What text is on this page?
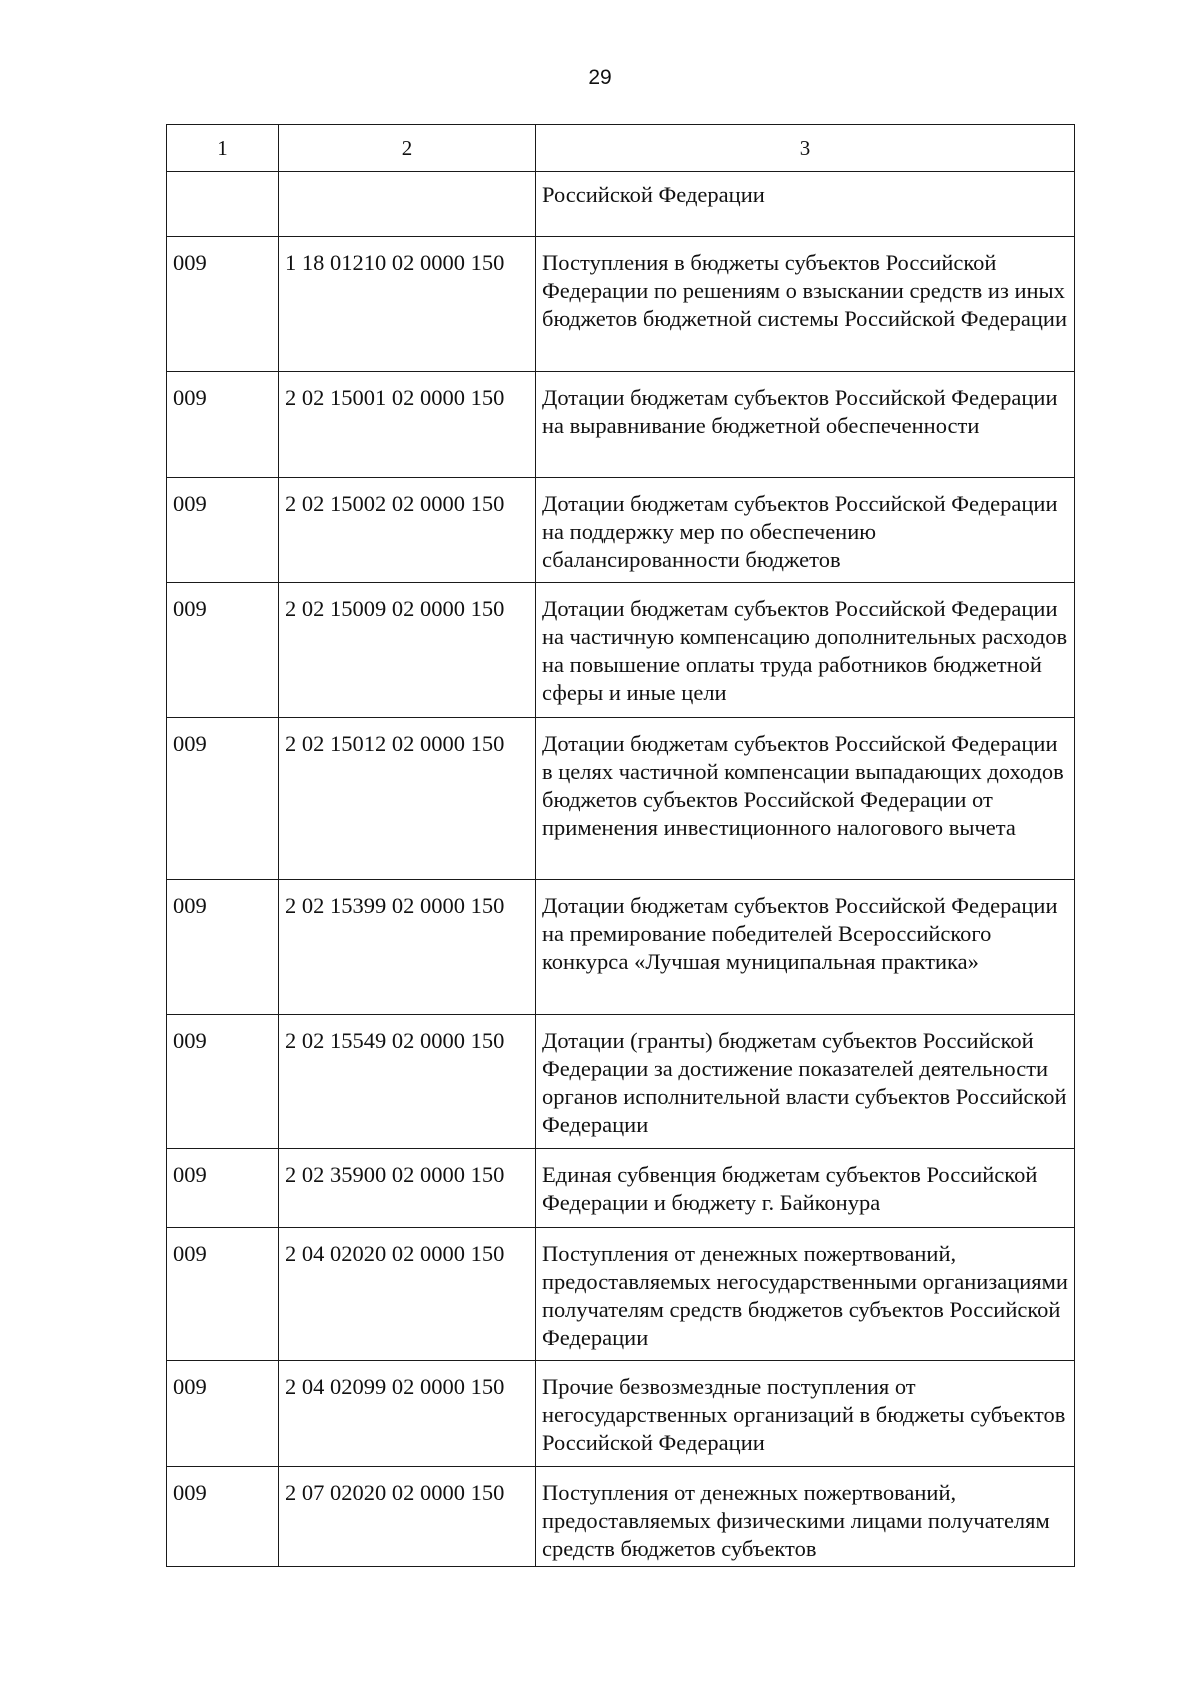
29
1	2	3
		Российской Федерации
009	1 18 01210 02 0000 150	Поступления в бюджеты субъектов Российской Федерации по решениям о взыскании средств из иных бюджетов бюджетной системы Российской Федерации
009	2 02 15001 02 0000 150	Дотации бюджетам субъектов Российской Федерации на выравнивание бюджетной обеспеченности
009	2 02 15002 02 0000 150	Дотации бюджетам субъектов Российской Федерации на поддержку мер по обеспечению сбалансированности бюджетов
009	2 02 15009 02 0000 150	Дотации бюджетам субъектов Российской Федерации на частичную компенсацию дополнительных расходов на повышение оплаты труда работников бюджетной сферы и иные цели
009	2 02 15012 02 0000 150	Дотации бюджетам субъектов Российской Федерации в целях частичной компенсации выпадающих доходов бюджетов субъектов Российской Федерации от применения инвестиционного налогового вычета
009	2 02 15399 02 0000 150	Дотации бюджетам субъектов Российской Федерации на премирование победителей Всероссийского конкурса «Лучшая муниципальная практика»
009	2 02 15549 02 0000 150	Дотации (гранты) бюджетам субъектов Российской Федерации за достижение показателей деятельности органов исполнительной власти субъектов Российской Федерации
009	2 02 35900 02 0000 150	Единая субвенция бюджетам субъектов Российской Федерации и бюджету г. Байконура
009	2 04 02020 02 0000 150	Поступления от денежных пожертвований, предоставляемых негосударственными организациями получателям средств бюджетов субъектов Российской Федерации
009	2 04 02099 02 0000 150	Прочие безвозмездные поступления от негосударственных организаций в бюджеты субъектов Российской Федерации
009	2 07 02020 02 0000 150	Поступления от денежных пожертвований, предоставляемых физическими лицами получателям средств бюджетов субъектов
